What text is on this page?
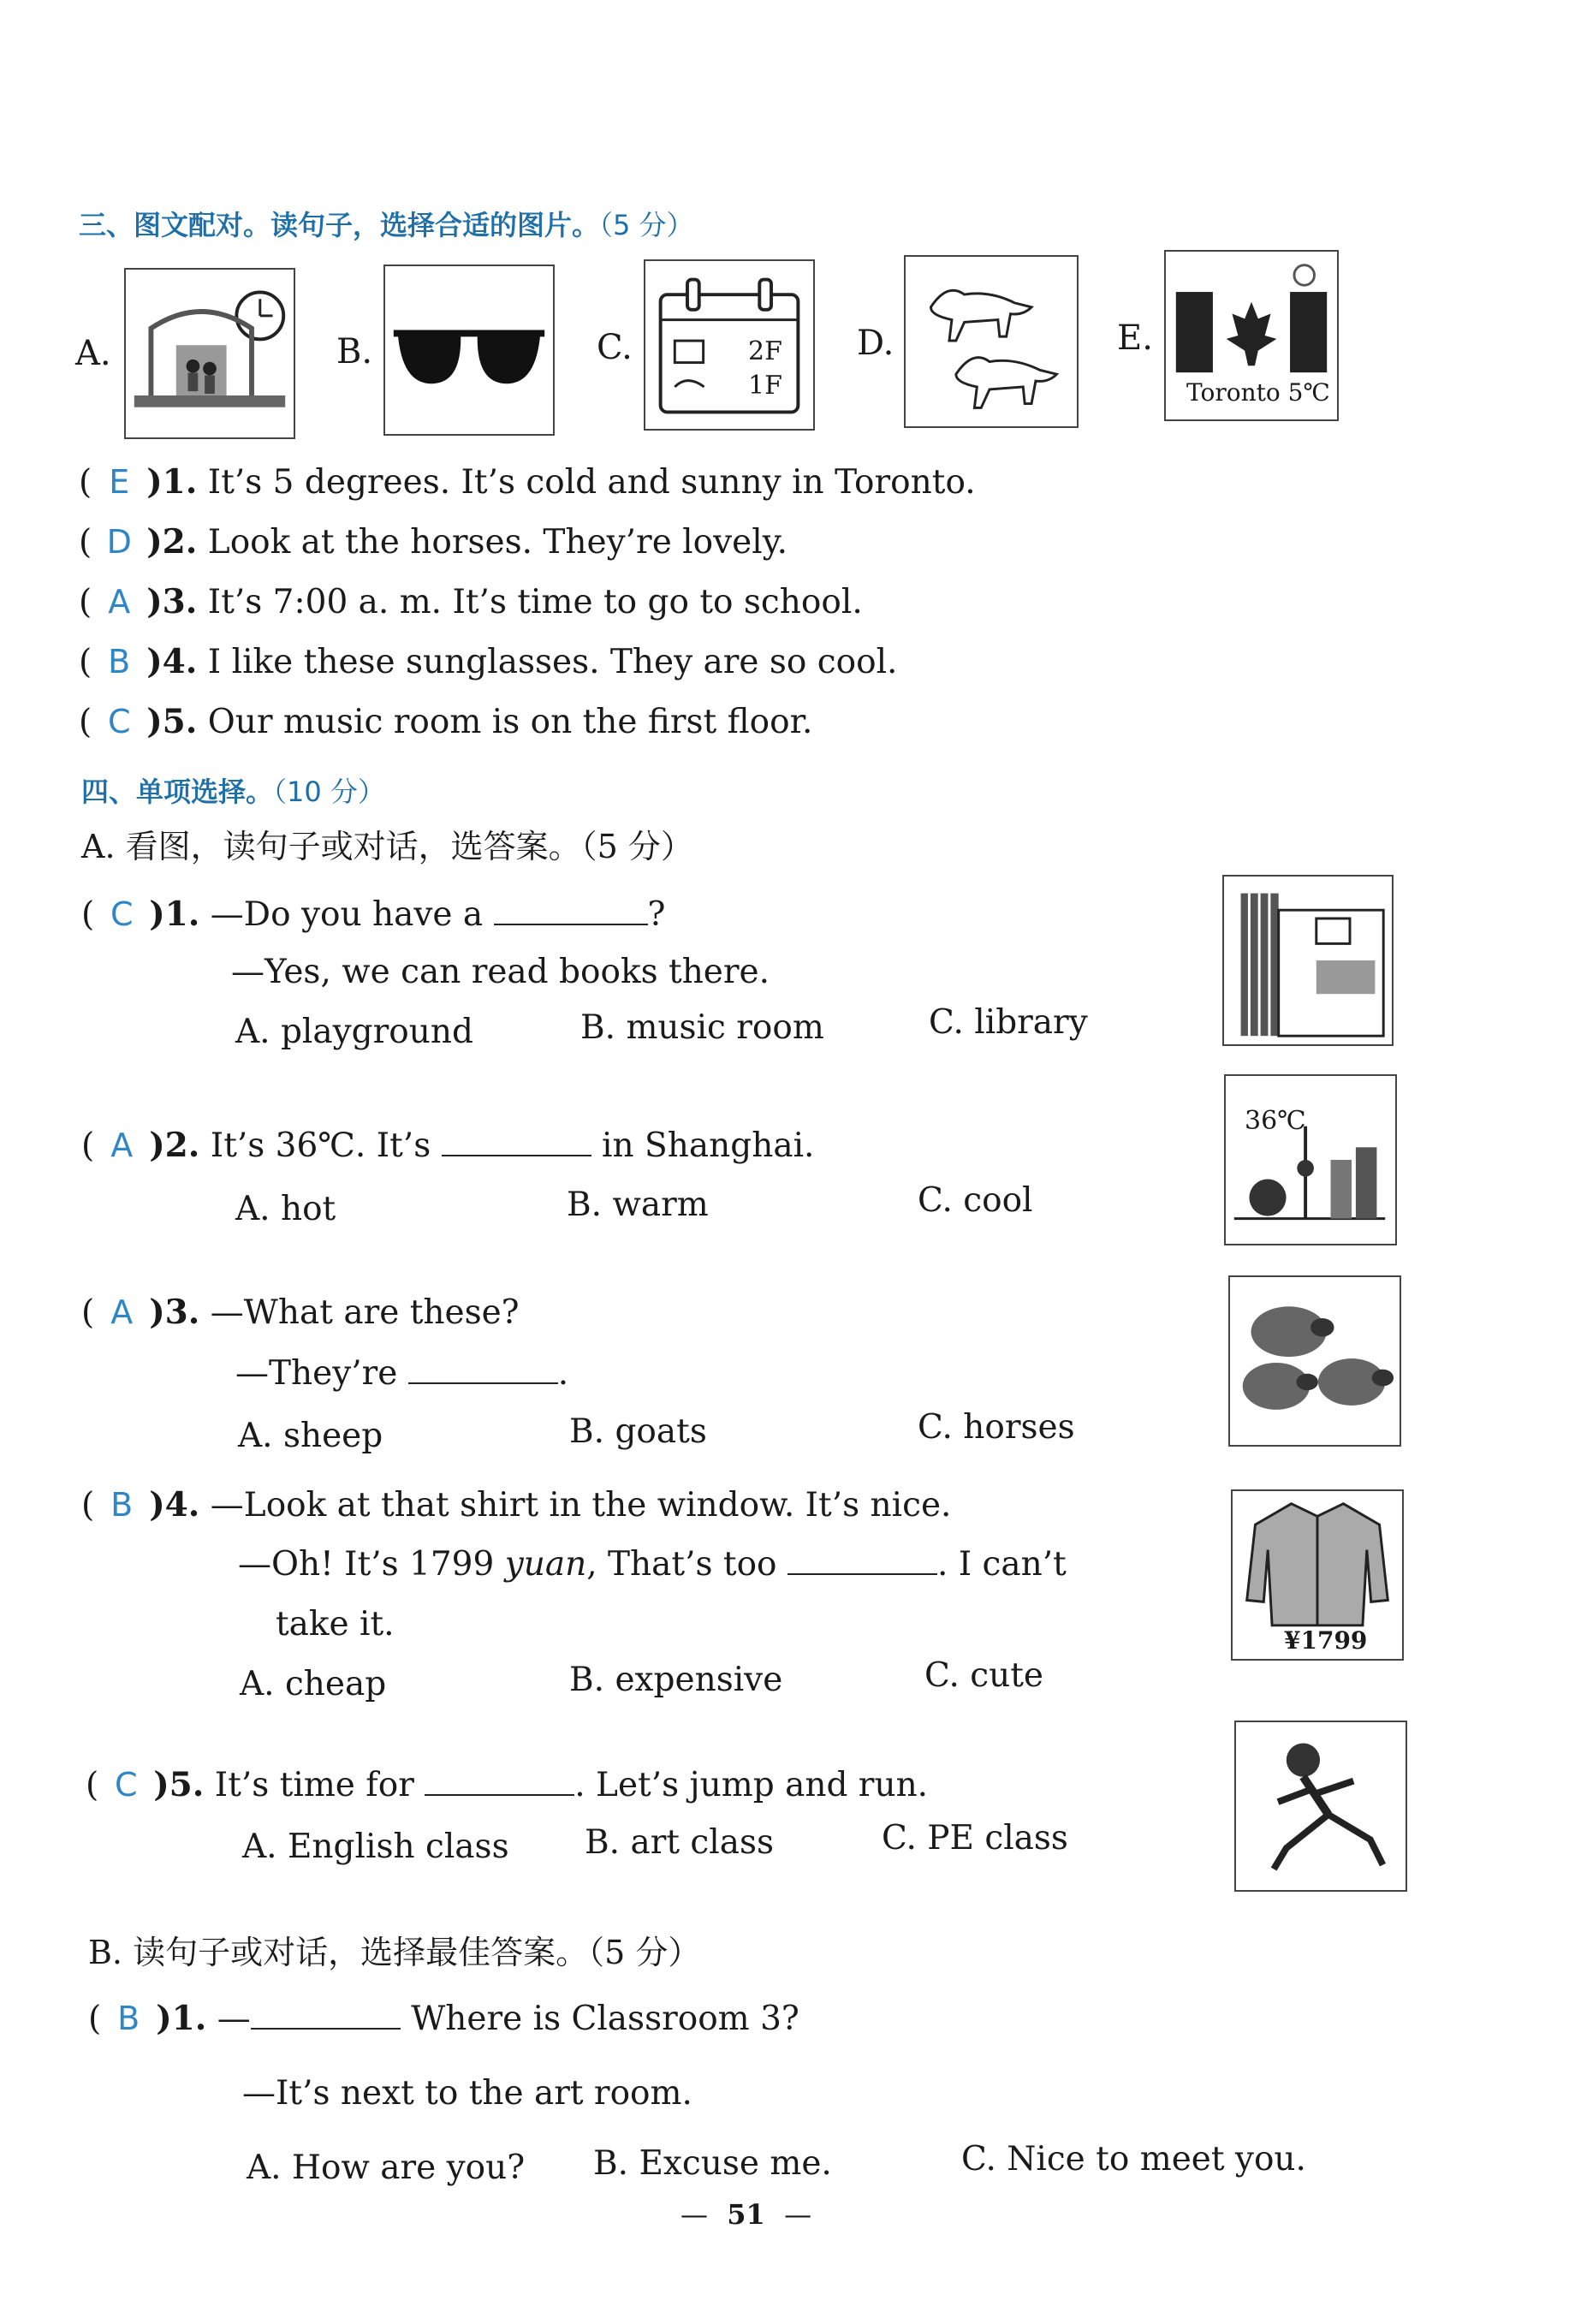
三、图文配对。读句子，选择合适的图片。（5 分）
A.	B.	C.	D.	E.
2F
1F	Toronto 5℃
( E )1. It’s 5 degrees. It’s cold and sunny in Toronto.
( D )2. Look at the horses. They’re lovely.
( A )3. It’s 7:00 a. m. It’s time to go to school.
( B )4. I like these sunglasses. They are so cool.
( C )5. Our music room is on the first floor.
四、单项选择。（10 分）
A. 看图，读句子或对话，选答案。（5 分）
( C )1. —Do you have a	?
—Yes, we can read books there.
A. playground	B. music room	C. library
( A )2. It’s 36℃. It’s	in Shanghai.
A. hot	B. warm	C. cool
36℃
( A )3. —What are these?
—They’re	.
A. sheep	B. goats	C. horses
( B )4. —Look at that shirt in the window. It’s nice.
—Oh! It’s 1799 yuan, That’s too	. I can’t
take it.
A. cheap	B. expensive	C. cute
¥1799
( C )5. It’s time for	. Let’s jump and run.
A. English class B. art class	C. PE class
B. 读句子或对话，选择最佳答案。（5 分）
( B )1. —	Where is Classroom 3?
—It’s next to the art room.
A. How are you? B. Excuse me.	C. Nice to meet you.
— 51 —
